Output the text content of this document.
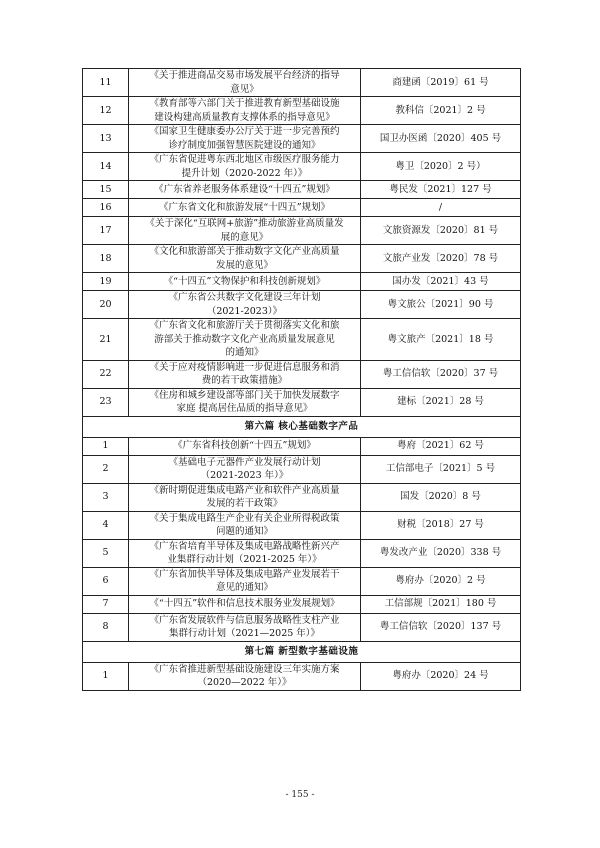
11	《关于推进商品交易市场发展平台经济的指导
意见》	商建函〔2019〕61 号
12	《教育部等六部门关于推进教育新型基础设施
建设构建高质量教育支撑体系的指导意见》	教科信〔2021〕2 号
13	《国家卫生健康委办公厅关于进一步完善预约
诊疗制度加强智慧医院建设的通知》	国卫办医函〔2020〕405 号
14	《广东省促进粤东西北地区市级医疗服务能力
提升计划（2020-2022 年）》	粤卫〔2020〕2 号）
15	《广东省养老服务体系建设“十四五”规划》	粤民发〔2021〕127 号
16	《广东省文化和旅游发展“十四五”规划》	/
17	《关于深化“互联网+旅游”推动旅游业高质量发
展的意见》	文旅资源发〔2020〕81 号
18	《文化和旅游部关于推动数字文化产业高质量
发展的意见》	文旅产业发〔2020〕78 号
19	《“十四五”文物保护和科技创新规划》	国办发〔2021〕43 号
20	《广东省公共数字文化建设三年计划
（2021-2023）》	粤文旅公〔2021〕90 号
21	《广东省文化和旅游厅关于贯彻落实文化和旅
游部关于推动数字文化产业高质量发展意见
的通知》	粤文旅产〔2021〕18 号
22	《关于应对疫情影响进一步促进信息服务和消
费的若干政策措施》	粤工信信软〔2020〕37 号
23	《住房和城乡建设部等部门关于加快发展数字
家庭 提高居住品质的指导意见》	建标〔2021〕28 号
第六篇 核心基础数字产品		
1	《广东省科技创新“十四五”规划》	粤府〔2021〕62 号
2	《基础电子元器件产业发展行动计划
（2021-2023 年）》	工信部电子〔2021〕5 号
3	《新时期促进集成电路产业和软件产业高质量
发展的若干政策》	国发〔2020〕8 号
4	《关于集成电路生产企业有关企业所得税政策
问题的通知》	财税〔2018〕27 号
5	《广东省培育半导体及集成电路战略性新兴产
业集群行动计划（2021-2025 年）》	粤发改产业〔2020〕338 号
6	《广东省加快半导体及集成电路产业发展若干
意见的通知》	粤府办〔2020〕2 号
7	《“十四五”软件和信息技术服务业发展规划》	工信部规〔2021〕180 号
8	《广东省发展软件与信息服务战略性支柱产业
集群行动计划（2021—2025 年）》	粤工信信软〔2020〕137 号
第七篇 新型数字基础设施		
1	《广东省推进新型基础设施建设三年实施方案
（2020—2022 年）》	粤府办〔2020〕24 号
- 155 -
